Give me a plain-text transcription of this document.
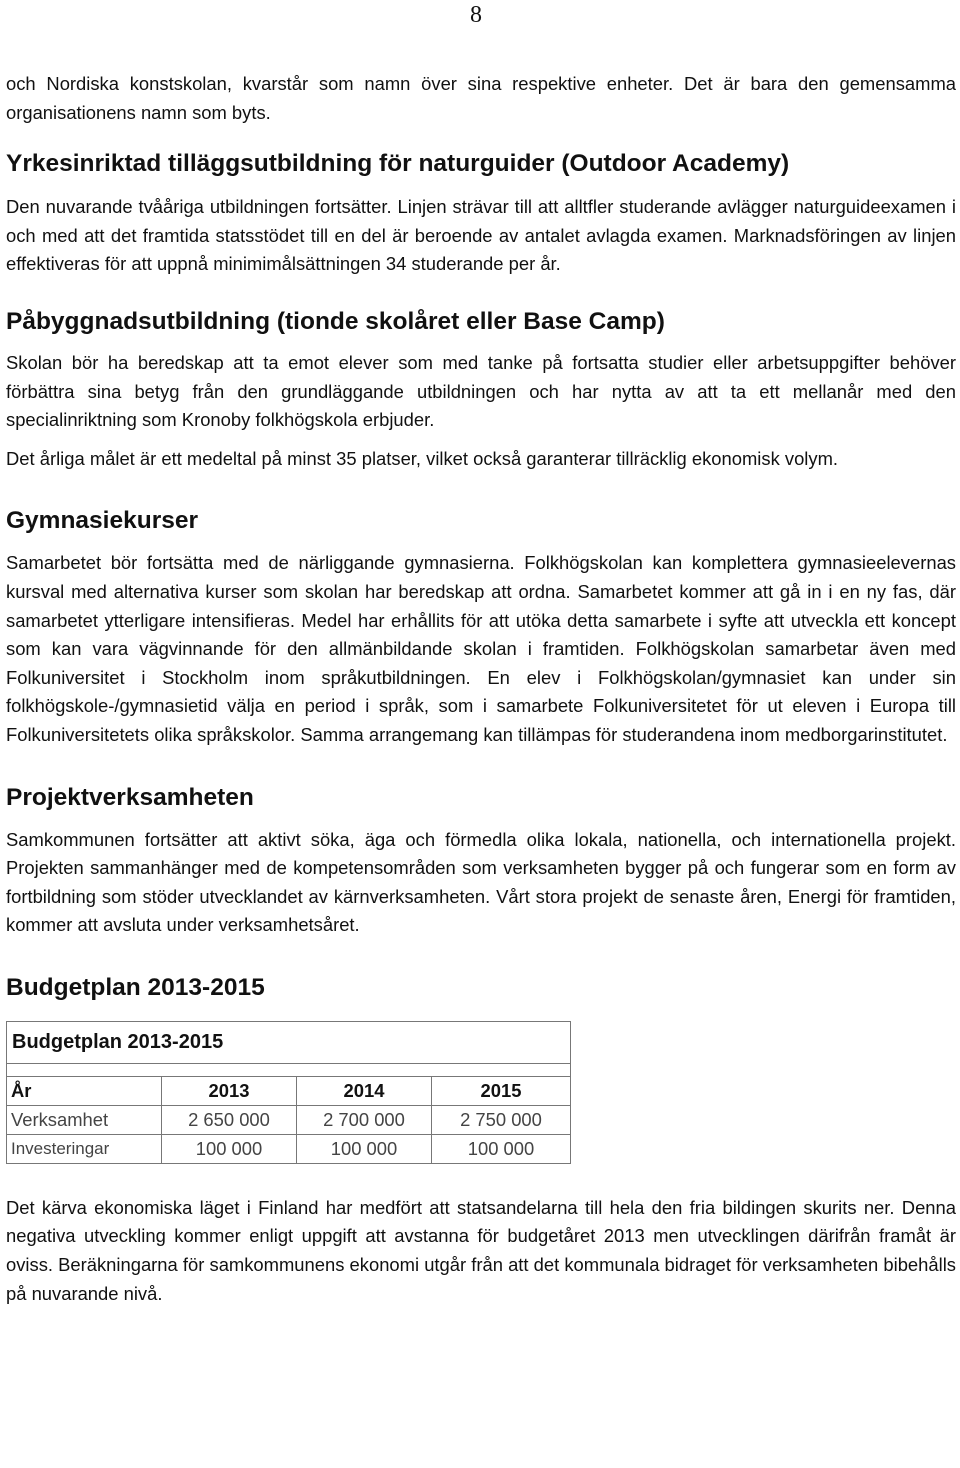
8

och Nordiska konstskolan, kvarstår som namn över sina respektive enheter. Det är bara den gemensamma organisationens namn som byts.

Yrkesinriktad tilläggsutbildning för naturguider (Outdoor Academy)

Den nuvarande tvååriga utbildningen fortsätter. Linjen strävar till att alltfler studerande avlägger naturguideexamen i och med att det framtida statsstödet till en del är beroende av antalet avlagda examen. Marknadsföringen av linjen effektiveras för att uppnå minimimålsättningen 34 studerande per år.

Påbyggnadsutbildning (tionde skolåret eller Base Camp)

Skolan bör ha beredskap att ta emot elever som med tanke på fortsatta studier eller arbetsuppgifter behöver förbättra sina betyg från den grundläggande utbildningen och har nytta av att ta ett mellanår med den specialinriktning som Kronoby folkhögskola erbjuder.

Det årliga målet är ett medeltal på minst 35 platser, vilket också garanterar tillräcklig ekonomisk volym.

Gymnasiekurser

Samarbetet bör fortsätta med de närliggande gymnasierna. Folkhögskolan kan komplettera gymnasieelevernas kursval med alternativa kurser som skolan har beredskap att ordna. Samarbetet kommer att gå in i en ny fas, där samarbetet ytterligare intensifieras. Medel har erhållits för att utöka detta samarbete i syfte att utveckla ett koncept som kan vara vägvinnande för den allmänbildande skolan i framtiden. Folkhögskolan samarbetar även med Folkuniversitet i Stockholm inom språkutbildningen. En elev i Folkhögskolan/gymnasiet kan under sin folkhögskole-/gymnasietid välja en period i språk, som i samarbete Folkuniversitetet för ut eleven i Europa till Folkuniversitetets olika språkskolor. Samma arrangemang kan tillämpas för studerandena inom medborgarinstitutet.

Projektverksamheten

Samkommunen fortsätter att aktivt söka, äga och förmedla olika lokala, nationella, och internationella projekt. Projekten sammanhänger med de kompetensområden som verksamheten bygger på och fungerar som en form av fortbildning som stöder utvecklandet av kärnverksamheten. Vårt stora projekt de senaste åren, Energi för framtiden, kommer att avsluta under verksamhetsåret.

Budgetplan 2013-2015
Budgetplan 2013-2015			

År	2013	2014	2015
Verksamhet	2 650 000	2 700 000	2 750 000
Investeringar	100 000	100 000	100 000

Det kärva ekonomiska läget i Finland har medfört att statsandelarna till hela den fria bildingen skurits ner. Denna negativa utveckling kommer enligt uppgift att avstanna för budgetåret 2013 men utvecklingen därifrån framåt är oviss. Beräkningarna för samkommunens ekonomi utgår från att det kommunala bidraget för verksamheten bibehålls på nuvarande nivå.
